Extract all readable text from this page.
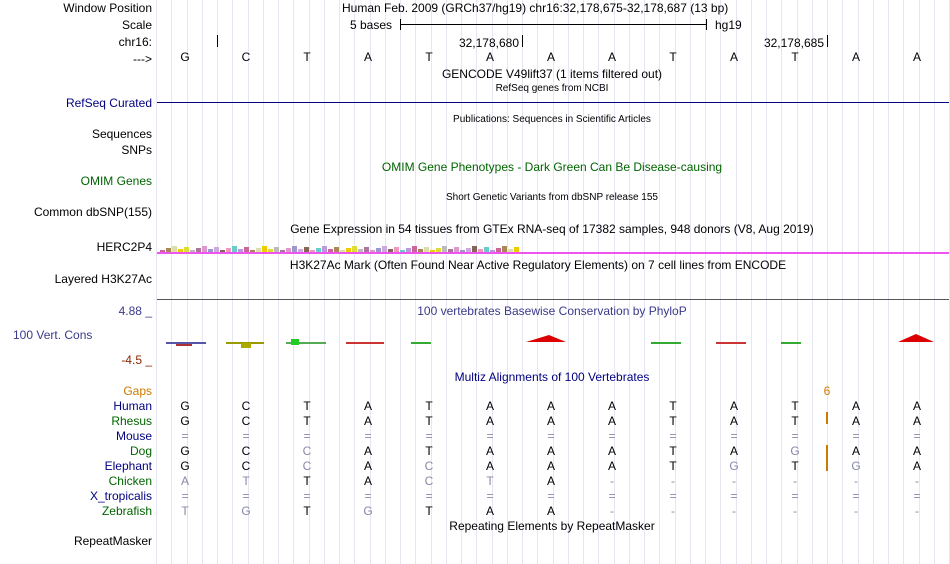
Window Position	Human Feb. 2009 (GRCh37/hg19) chr16:32,178,675-32,178,687 (13 bp)
Scale	5 bases	hg19
chr16:	32,178,680	32,178,685
---> G	C	T	A	T	A	A	A	T	A	T	A	A
GENCODE V49lift37 (1 items filtered out)
RefSeq genes from NCBI
RefSeq Curated
Publications: Sequences in Scientific Articles
Sequences
SNPs
OMIM Gene Phenotypes - Dark Green Can Be Disease-causing
OMIM Genes
Short Genetic Variants from dbSNP release 155
Common dbSNP(155)
Gene Expression in 54 tissues from GTEx RNA-seq of 17382 samples, 948 donors (V8, Aug 2019)
HERC2P4
H3K27Ac Mark (Often Found Near Active Regulatory Elements) on 7 cell lines from ENCODE
Layered H3K27Ac
4.88 _	100 vertebrates Basewise Conservation by PhyloP
100 Vert. Cons
-4.5 _
Multiz Alignments of 100 Vertebrates
Gaps	6
Human G	C	T	A	T	A	A	A	T	A	T	A	A
Rhesus G	C	T	A	T	A	A	A	T	A	T	A	A
Mouse =	=	=	=	=	=	=	=	=	=	=	=	=
Dog G	C	C	A	T	A	A	A	T	A	G	A	A
Elephant G	C	C	A	C	A	A	A	T	G	T	G	A
Chicken A	T	T	A	C	T	A	-	-	-	-	-	-
X_tropicalis =	=	=	=	=	=	=	=	=	=	=	=	=
Zebrafish T	G	T	G	T	A	A	-	-	-	-	-	-
Repeating Elements by RepeatMasker
RepeatMasker
